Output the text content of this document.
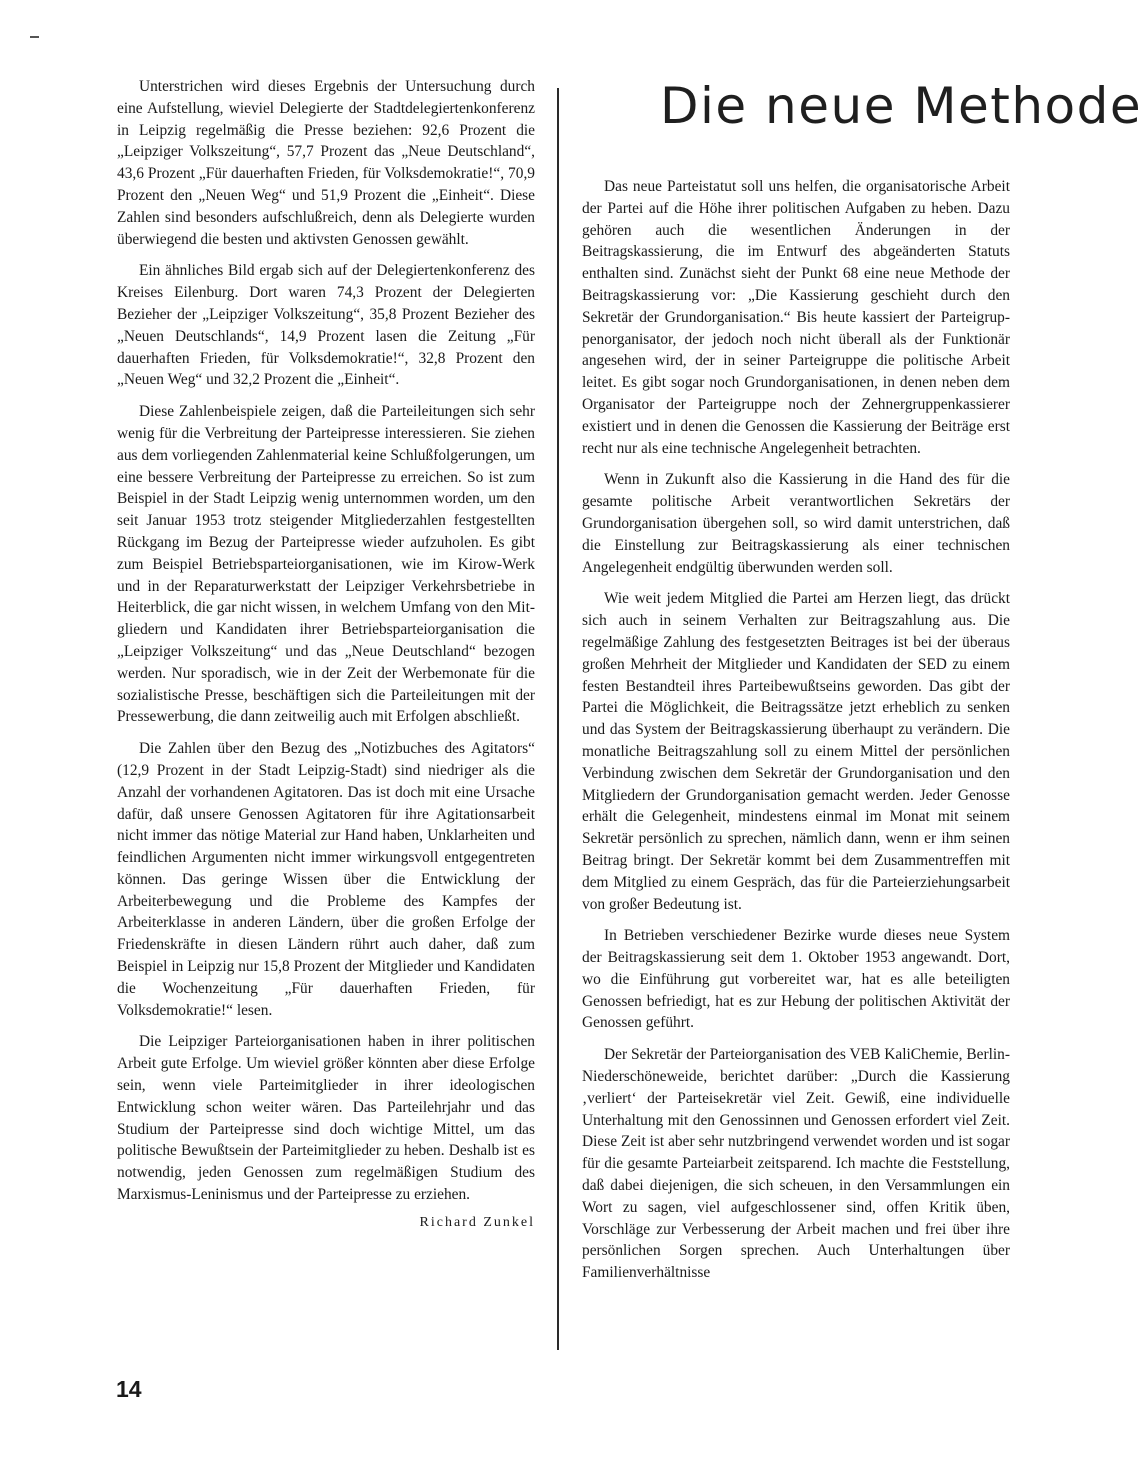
Unterstrichen wird dieses Ergebnis der Untersuchung durch eine Aufstellung, wieviel Delegierte der Stadtdelegiertenkonferenz in Leipzig regelmäßig die Presse beziehen: 92,6 Prozent die „Leipziger Volkszeitung“, 57,7 Prozent das „Neue Deutschland“, 43,6 Prozent „Für dauerhaften Frieden, für Volksdemokratie!“, 70,9 Prozent den „Neuen Weg“ und 51,9 Prozent die „Einheit“. Diese Zahlen sind besonders aufschlußreich, denn als Delegierte wurden überwiegend die besten und aktivsten Genossen gewählt.

Ein ähnliches Bild ergab sich auf der Delegiertenkonferenz des Kreises Eilenburg. Dort waren 74,3 Prozent der Delegierten Bezieher der „Leipziger Volkszeitung“, 35,8 Prozent Bezieher des „Neuen Deutschlands“, 14,9 Prozent lasen die Zeitung „Für dauerhaften Frieden, für Volksdemokratie!“, 32,8 Prozent den „Neuen Weg“ und 32,2 Prozent die „Einheit“.

Diese Zahlenbeispiele zeigen, daß die Parteileitungen sich sehr wenig für die Verbreitung der Parteipresse interessieren. Sie ziehen aus dem vorliegenden Zahlenmaterial keine Schlußfolgerungen, um eine bessere Verbreitung der Parteipresse zu erreichen. So ist zum Beispiel in der Stadt Leipzig wenig unternommen worden, um den seit Januar 1953 trotz steigender Mitgliederzahlen festgestellten Rückgang im Bezug der Parteipresse wieder aufzuholen. Es gibt zum Beispiel Betriebsparteiorganisationen, wie im Kirow-Werk und in der Reparaturwerkstatt der Leipziger Verkehrsbetriebe in Heiterblick, die gar nicht wissen, in welchem Umfang von den Mitgliedern und Kandidaten ihrer Betriebsparteiorganisation die „Leipziger Volkszeitung“ und das „Neue Deutschland“ bezogen werden. Nur sporadisch, wie in der Zeit der Werbemonate für die sozialistische Presse, beschäftigen sich die Parteileitungen mit der Pressewerbung, die dann zeitweilig auch mit Erfolgen abschließt.

Die Zahlen über den Bezug des „Notizbuches des Agitators“ (12,9 Prozent in der Stadt Leipzig-Stadt) sind niedriger als die Anzahl der vorhandenen Agitatoren. Das ist doch mit eine Ursache dafür, daß unsere Genossen Agitatoren für ihre Agitationsarbeit nicht immer das nötige Material zur Hand haben, Unklarheiten und feindlichen Argumenten nicht immer wirkungsvoll entgegentreten können. Das geringe Wissen über die Entwicklung der Arbeiterbewegung und die Probleme des Kampfes der Arbeiterklasse in anderen Ländern, über die großen Erfolge der Friedenskräfte in diesen Ländern rührt auch daher, daß zum Beispiel in Leipzig nur 15,8 Prozent der Mitglieder und Kandidaten die Wochenzeitung „Für dauerhaften Frieden, für Volksdemokratie!“ lesen.

Die Leipziger Parteiorganisationen haben in ihrer politischen Arbeit gute Erfolge. Um wieviel größer könnten aber diese Erfolge sein, wenn viele Parteimitglieder in ihrer ideologischen Entwicklung schon weiter wären. Das Parteilehrjahr und das Studium der Parteipresse sind doch wichtige Mittel, um das politische Bewußtsein der Parteimitglieder zu heben. Deshalb ist es notwendig, jeden Genossen zum regelmäßigen Studium des Marxismus-Leninismus und der Parteipresse zu erziehen.

Richard Zunkel
Die neue Methode

Das neue Parteistatut soll uns helfen, die organisatorische Arbeit der Partei auf die Höhe ihrer politischen Aufgaben zu heben. Dazu gehören auch die wesentlichen Änderungen in der Beitragskassierung, die im Entwurf des abgeänderten Statuts enthalten sind. Zunächst sieht der Punkt 68 eine neue Methode der Beitragskassierung vor: „Die Kassierung geschieht durch den Sekretär der Grundorganisation.“ Bis heute kassiert der Parteigruppenorganisator, der jedoch noch nicht überall als der Funktionär angesehen wird, der in seiner Parteigruppe die politische Arbeit leitet. Es gibt sogar noch Grundorganisationen, in denen neben dem Organisator der Parteigruppe noch der Zehnergruppenkassierer existiert und in denen die Genossen die Kassierung der Beiträge erst recht nur als eine technische Angelegenheit betrachten.

Wenn in Zukunft also die Kassierung in die Hand des für die gesamte politische Arbeit verantwortlichen Sekretärs der Grundorganisation übergehen soll, so wird damit unterstrichen, daß die Einstellung zur Beitragskassierung als einer technischen Angelegenheit endgültig überwunden werden soll.

Wie weit jedem Mitglied die Partei am Herzen liegt, das drückt sich auch in seinem Verhalten zur Beitragszahlung aus. Die regelmäßige Zahlung des festgesetzten Beitrages ist bei der überaus großen Mehrheit der Mitglieder und Kandidaten der SED zu einem festen Bestandteil ihres Parteibewußtseins geworden. Das gibt der Partei die Möglichkeit, die Beitragssätze jetzt erheblich zu senken und das System der Beitragskassierung überhaupt zu verändern. Die monatliche Beitragszahlung soll zu einem Mittel der persönlichen Verbindung zwischen dem Sekretär der Grundorganisation und den Mitgliedern der Grundorganisation gemacht werden. Jeder Genosse erhält die Gelegenheit, mindestens einmal im Monat mit seinem Sekretär persönlich zu sprechen, nämlich dann, wenn er ihm seinen Beitrag bringt. Der Sekretär kommt bei dem Zusammentreffen mit dem Mitglied zu einem Gespräch, das für die Parteierziehungsarbeit von großer Bedeutung ist.

In Betrieben verschiedener Bezirke wurde dieses neue System der Beitragskassierung seit dem 1. Oktober 1953 angewandt. Dort, wo die Einführung gut vorbereitet war, hat es alle beteiligten Genossen befriedigt, hat es zur Hebung der politischen Aktivität der Genossen geführt.

Der Sekretär der Parteiorganisation des VEB KaliChemie, Berlin-Niederschöneweide, berichtet darüber: „Durch die Kassierung ‚verliert‘ der Parteisekretär viel Zeit. Gewiß, eine individuelle Unterhaltung mit den Genossinnen und Genossen erfordert viel Zeit. Diese Zeit ist aber sehr nutzbringend verwendet worden und ist sogar für die gesamte Parteiarbeit zeitsparend. Ich machte die Feststellung, daß dabei diejenigen, die sich scheuen, in den Versammlungen ein Wort zu sagen, viel aufgeschlossener sind, offen Kritik üben, Vorschläge zur Verbesserung der Arbeit machen und frei über ihre persönlichen Sorgen sprechen. Auch Unterhaltungen über Familienverhältnisse

14
